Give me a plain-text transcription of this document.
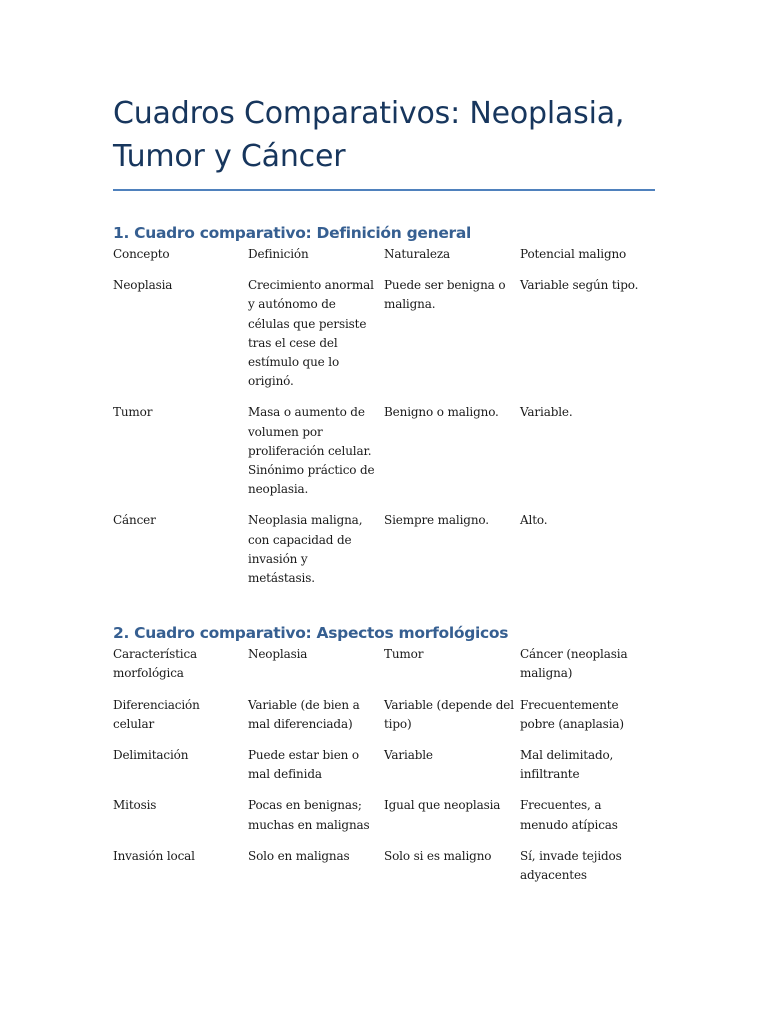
Cuadros Comparativos: Neoplasia,
Tumor y Cáncer
1. Cuadro comparativo: Definición general
Concepto	Definición	Naturaleza	Potencial maligno
Neoplasia	Crecimiento anormal y autónomo de células que persiste tras el cese del estímulo que lo originó.	Puede ser benigna o maligna.	Variable según tipo.
Tumor	Masa o aumento de volumen por proliferación celular. Sinónimo práctico de neoplasia.	Benigno o maligno.	Variable.
Cáncer	Neoplasia maligna, con capacidad de invasión y metástasis.	Siempre maligno.	Alto.
2. Cuadro comparativo: Aspectos morfológicos
Característica morfológica	Neoplasia	Tumor	Cáncer (neoplasia maligna)
Diferenciación celular	Variable (de bien a mal diferenciada)	Variable (depende del tipo)	Frecuentemente pobre (anaplasia)
Delimitación	Puede estar bien o mal definida	Variable	Mal delimitado, infiltrante
Mitosis	Pocas en benignas; muchas en malignas	Igual que neoplasia	Frecuentes, a menudo atípicas
Invasión local	Solo en malignas	Solo si es maligno	Sí, invade tejidos adyacentes
